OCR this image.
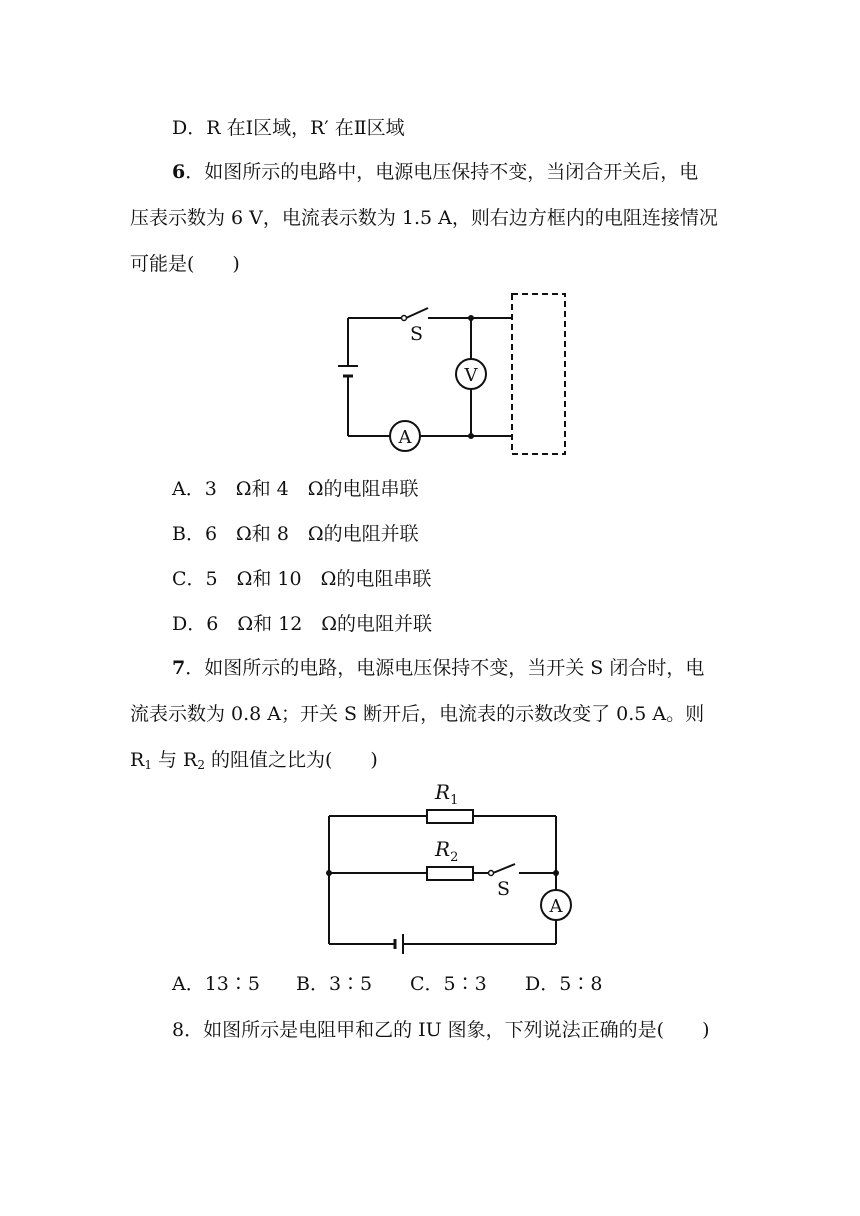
D．R 在Ⅰ区域，R′ 在Ⅱ区域
6．如图所示的电路中，电源电压保持不变，当闭合开关后，电
压表示数为 6 V，电流表示数为 1.5 A，则右边方框内的电阻连接情况
可能是(　　)
S
V
A
A．3　Ω和 4　Ω的电阻串联
B．6　Ω和 8　Ω的电阻并联
C．5　Ω和 10　Ω的电阻串联
D．6　Ω和 12　Ω的电阻并联
7．如图所示的电路，电源电压保持不变，当开关 S 闭合时，电
流表示数为 0.8 A；开关 S 断开后，电流表的示数改变了 0.5 A。则
$R_1$ 与 $R_2$ 的阻值之比为(　　)
$R_1$
$R_2$
S
A
A．13∶5 B．3∶5 C．5∶3 D．5∶8
8．如图所示是电阻甲和乙的 IU 图象，下列说法正确的是(　　)
